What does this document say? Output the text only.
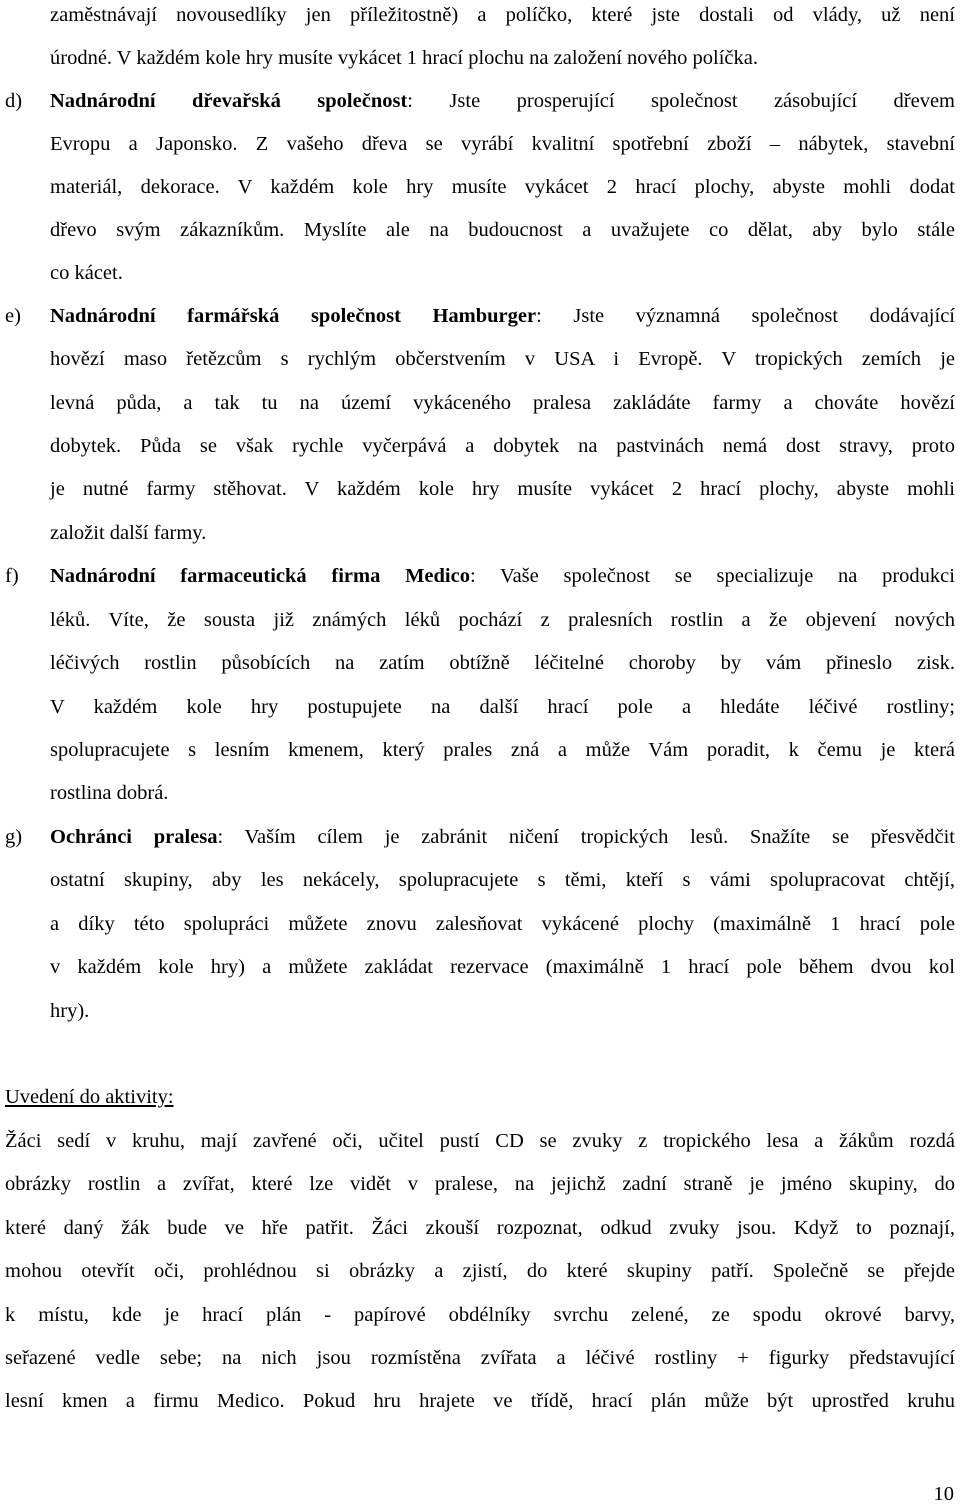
zaměstnávají novousedlíky jen příležitostně) a políčko, které jste dostali od vlády, už není
úrodné. V každém kole hry musíte vykácet 1 hrací plochu na založení nového políčka.
d) Nadnárodní dřevařská společnost: Jste prosperující společnost zásobující dřevem
Evropu a Japonsko. Z vašeho dřeva se vyrábí kvalitní spotřební zboží – nábytek, stavební
materiál, dekorace. V každém kole hry musíte vykácet 2 hrací plochy, abyste mohli dodat
dřevo svým zákazníkům. Myslíte ale na budoucnost a uvažujete co dělat, aby bylo stále
co kácet.
e) Nadnárodní farmářská společnost Hamburger: Jste významná společnost dodávající
hovězí maso řetězcům s rychlým občerstvením v USA i Evropě. V tropických zemích je
levná půda, a tak tu na území vykáceného pralesa zakládáte farmy a chováte hovězí
dobytek. Půda se však rychle vyčerpává a dobytek na pastvinách nemá dost stravy, proto
je nutné farmy stěhovat. V každém kole hry musíte vykácet 2 hrací plochy, abyste mohli
založit další farmy.
f) Nadnárodní farmaceutická firma Medico: Vaše společnost se specializuje na produkci
léků. Víte, že sousta již známých léků pochází z pralesních rostlin a že objevení nových
léčivých rostlin působících na zatím obtížně léčitelné choroby by vám přineslo zisk.
V každém kole hry postupujete na další hrací pole a hledáte léčivé rostliny;
spolupracujete s lesním kmenem, který prales zná a může Vám poradit, k čemu je která
rostlina dobrá.
g) Ochránci pralesa: Vaším cílem je zabránit ničení tropických lesů. Snažíte se přesvědčit
ostatní skupiny, aby les nekácely, spolupracujete s těmi, kteří s vámi spolupracovat chtějí,
a díky této spolupráci můžete znovu zalesňovat vykácené plochy (maximálně 1 hrací pole
v každém kole hry) a můžete zakládat rezervace (maximálně 1 hrací pole během dvou kol
hry).
Uvedení do aktivity:
Žáci sedí v kruhu, mají zavřené oči, učitel pustí CD se zvuky z tropického lesa a žákům rozdá
obrázky rostlin a zvířat, které lze vidět v pralese, na jejichž zadní straně je jméno skupiny, do
které daný žák bude ve hře patřit. Žáci zkouší rozpoznat, odkud zvuky jsou. Když to poznají,
mohou otevřít oči, prohlédnou si obrázky a zjistí, do které skupiny patří. Společně se přejde
k místu, kde je hrací plán - papírové obdélníky svrchu zelené, ze spodu okrové barvy,
seřazené vedle sebe; na nich jsou rozmístěna zvířata a léčivé rostliny + figurky představující
lesní kmen a firmu Medico. Pokud hru hrajete ve třídě, hrací plán může být uprostřed kruhu
10
